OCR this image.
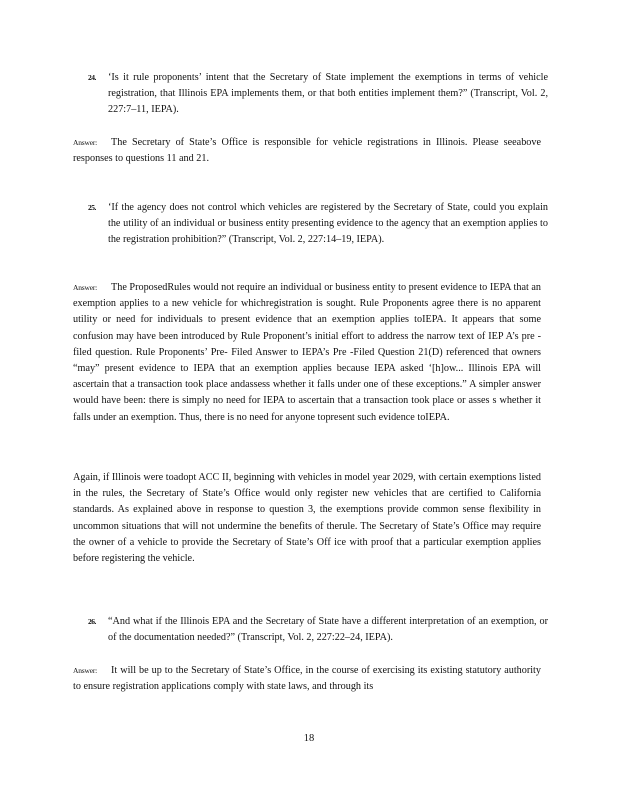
24. ‘Is it rule proponents’ intent that the Secretary of State implement the exemptions in terms of vehicle registration, that Illinois EPA implements them, or that both entities implement them?” (Transcript, Vol. 2, 227:7–11, IEPA).
Answer: The Secretary of State’s Office is responsible for vehicle registrations in Illinois. Please seeabove responses to questions 11 and 21.
25. ‘If the agency does not control which vehicles are registered by the Secretary of State, could you explain the utility of an individual or business entity presenting evidence to the agency that an exemption applies to the registration prohibition?” (Transcript, Vol. 2, 227:14–19, IEPA).
Answer: The ProposedRules would not require an individual or business entity to present evidence to IEPA that an exemption applies to a new vehicle for whichregistration is sought. Rule Proponents agree there is no apparent utility or need for individuals to present evidence that an exemption applies toIEPA. It appears that some confusion may have been introduced by Rule Proponent’s initial effort to address the narrow text of IEP A’s pre -filed question. Rule Proponents’ Pre- Filed Answer to IEPA’s Pre -Filed Question 21(D) referenced that owners “may” present evidence to IEPA that an exemption applies because IEPA asked ‘[h]ow... Illinois EPA will ascertain that a transaction took place andassess whether it falls under one of these exceptions.” A simpler answer would have been: there is simply no need for IEPA to ascertain that a transaction took place or asses s whether it falls under an exemption. Thus, there is no need for anyone topresent such evidence toIEPA.
Again, if Illinois were toadopt ACC II, beginning with vehicles in model year 2029, with certain exemptions listed in the rules, the Secretary of State’s Office would only register new vehicles that are certified to California standards. As explained above in response to question 3, the exemptions provide common sense flexibility in uncommon situations that will not undermine the benefits of therule. The Secretary of State’s Office may require the owner of a vehicle to provide the Secretary of State’s Off ice with proof that a particular exemption applies before registering the vehicle.
26. “And what if the Illinois EPA and the Secretary of State have a different interpretation of an exemption, or of the documentation needed?” (Transcript, Vol. 2, 227:22–24, IEPA).
Answer: It will be up to the Secretary of State’s Office, in the course of exercising its existing statutory authority to ensure registration applications comply with state laws, and through its
18
